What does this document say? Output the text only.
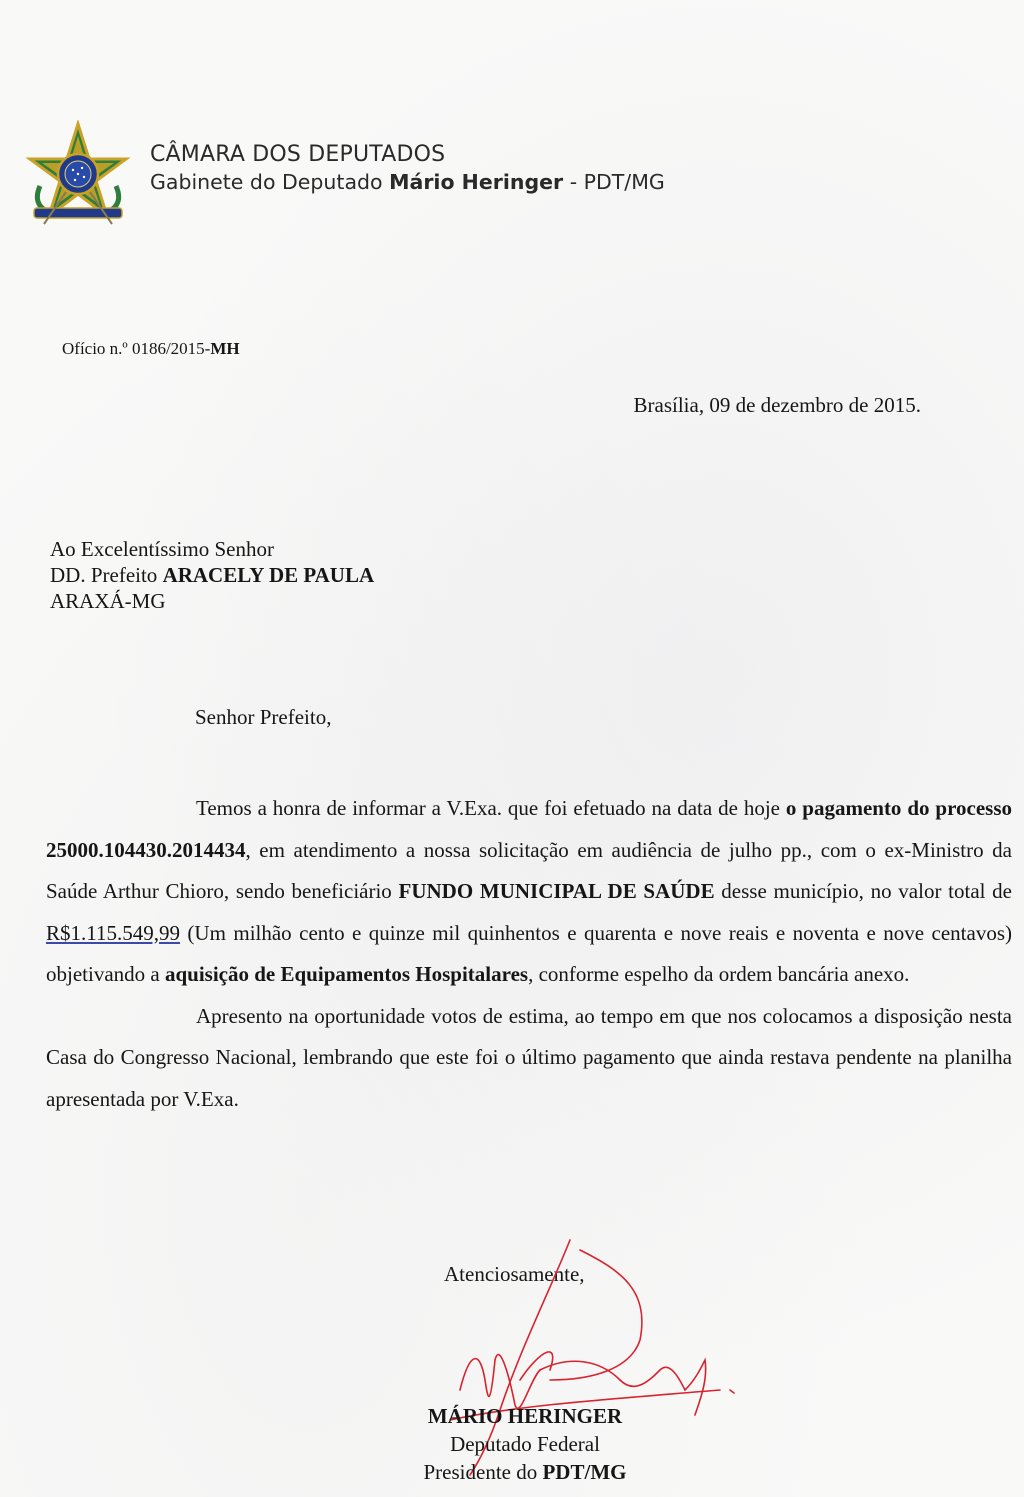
CÂMARA DOS DEPUTADOS
Gabinete do Deputado Mário Heringer - PDT/MG
Ofício n.º 0186/2015-MH
Brasília, 09 de dezembro de 2015.
Ao Excelentíssimo Senhor
DD. Prefeito ARACELY DE PAULA
ARAXÁ-MG
Senhor Prefeito,

Temos a honra de informar a V.Exa. que foi efetuado na data de hoje o pagamento do processo 25000.104430.2014434, em atendimento a nossa solicitação em audiência de julho pp., com o ex-Ministro da Saúde Arthur Chioro, sendo beneficiário FUNDO MUNICIPAL DE SAÚDE desse município, no valor total de R$1.115.549,99 (Um milhão cento e quinze mil quinhentos e quarenta e nove reais e noventa e nove centavos) objetivando a aquisição de Equipamentos Hospitalares, conforme espelho da ordem bancária anexo.

Apresento na oportunidade votos de estima, ao tempo em que nos colocamos a disposição nesta Casa do Congresso Nacional, lembrando que este foi o último pagamento que ainda restava pendente na planilha apresentada por V.Exa.

Atenciosamente,
MÁRIO HERINGER
Deputado Federal
Presidente do PDT/MG
